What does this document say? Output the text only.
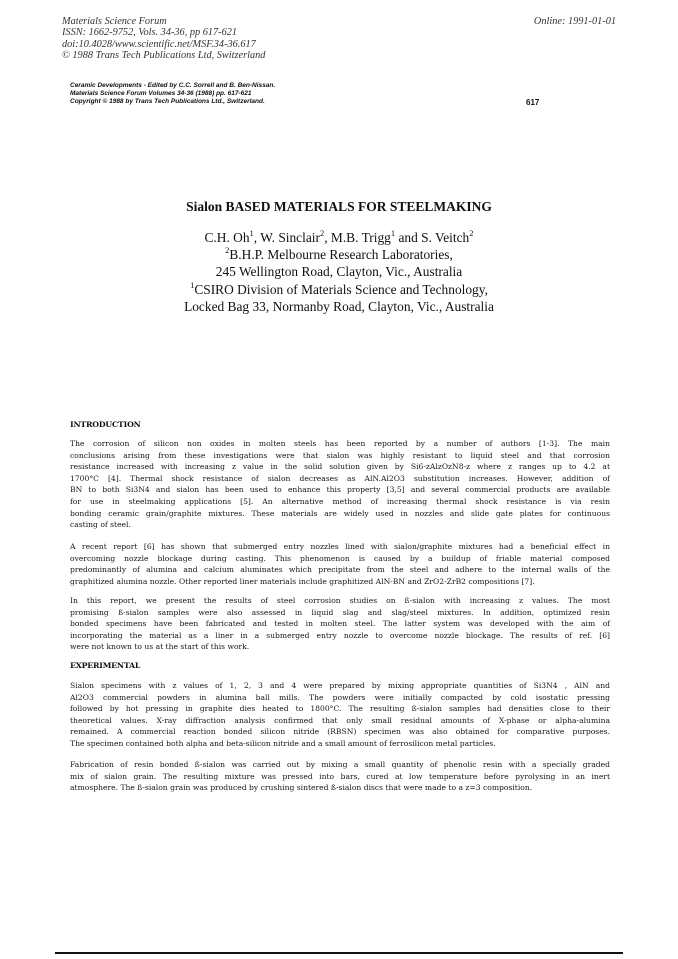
Materials Science Forum
ISSN: 1662-9752, Vols. 34-36, pp 617-621
doi:10.4028/www.scientific.net/MSF.34-36.617
© 1988 Trans Tech Publications Ltd, Switzerland
Online: 1991-01-01
Ceramic Developments - Edited by C.C. Sorrell and B. Ben-Nissan.
Materials Science Forum Volumes 34-36 (1988) pp. 617-621
Copyright © 1988 by Trans Tech Publications Ltd., Switzerland.	617
Sialon BASED MATERIALS FOR STEELMAKING
C.H. Oh$^1$, W. Sinclair$^2$, M.B. Trigg$^1$ and S. Veitch$^2$
$^2$B.H.P. Melbourne Research Laboratories,
245 Wellington Road, Clayton, Vic., Australia
$^1$CSIRO Division of Materials Science and Technology,
Locked Bag 33, Normanby Road, Clayton, Vic., Australia
INTRODUCTION
The corrosion of silicon non oxides in molten steels has been reported by a number of authors [1-3]. The main
conclusions arising from these investigations were that sialon was highly resistant to liquid steel and that corrosion
resistance increased with increasing z value in the solid solution given by Si6-zAlzOzN8-z where z ranges up to 4.2 at
1700°C [4]. Thermal shock resistance of sialon decreases as AlN.Al2O3 substitution increases. However, addition of
BN to both Si3N4 and sialon has been used to enhance this property [3,5] and several commercial products are available
for use in steelmaking applications [5]. An alternative method of increasing thermal shock resistance is via resin
bonding ceramic grain/graphite mixtures. These materials are widely used in nozzles and slide gate plates for continuous
casting of steel.
A recent report [6] has shown that submerged entry nozzles lined with sialon/graphite mixtures had a beneficial effect in
overcoming nozzle blockage during casting. This phenomenon is caused by a buildup of friable material composed
predominantly of alumina and calcium aluminates which precipitate from the steel and adhere to the internal walls of the
graphitized alumina nozzle. Other reported liner materials include graphitized AlN-BN and ZrO2-ZrB2 compositions [7].
In this report, we present the results of steel corrosion studies on ß-sialon with increasing z values. The most
promising ß-sialon samples were also assessed in liquid slag and slag/steel mixtures. In addition, optimized resin
bonded specimens have been fabricated and tested in molten steel. The latter system was developed with the aim of
incorporating the material as a liner in a submerged entry nozzle to overcome nozzle blockage. The results of ref. [6]
were not known to us at the start of this work.
EXPERIMENTAL
Sialon specimens with z values of 1, 2, 3 and 4 were prepared by mixing appropriate quantities of Si3N4 , AlN and
Al2O3 commercial powders in alumina ball mills. The powders were initially compacted by cold isostatic pressing
followed by hot pressing in graphite dies heated to 1800°C. The resulting ß-sialon samples had densities close to their
theoretical values. X-ray diffraction analysis confirmed that only small residual amounts of X-phase or alpha-alumina
remained. A commercial reaction bonded silicon nitride (RBSN) specimen was also obtained for comparative purposes.
The specimen contained both alpha and beta-silicon nitride and a small amount of ferrosilicon metal particles.
Fabrication of resin bonded ß-sialon was carried out by mixing a small quantity of phenolic resin with a specially graded
mix of sialon grain. The resulting mixture was pressed into bars, cured at low temperature before pyrolysing in an inert
atmosphere. The ß-sialon grain was produced by crushing sintered ß-sialon discs that were made to a z=3 composition.
